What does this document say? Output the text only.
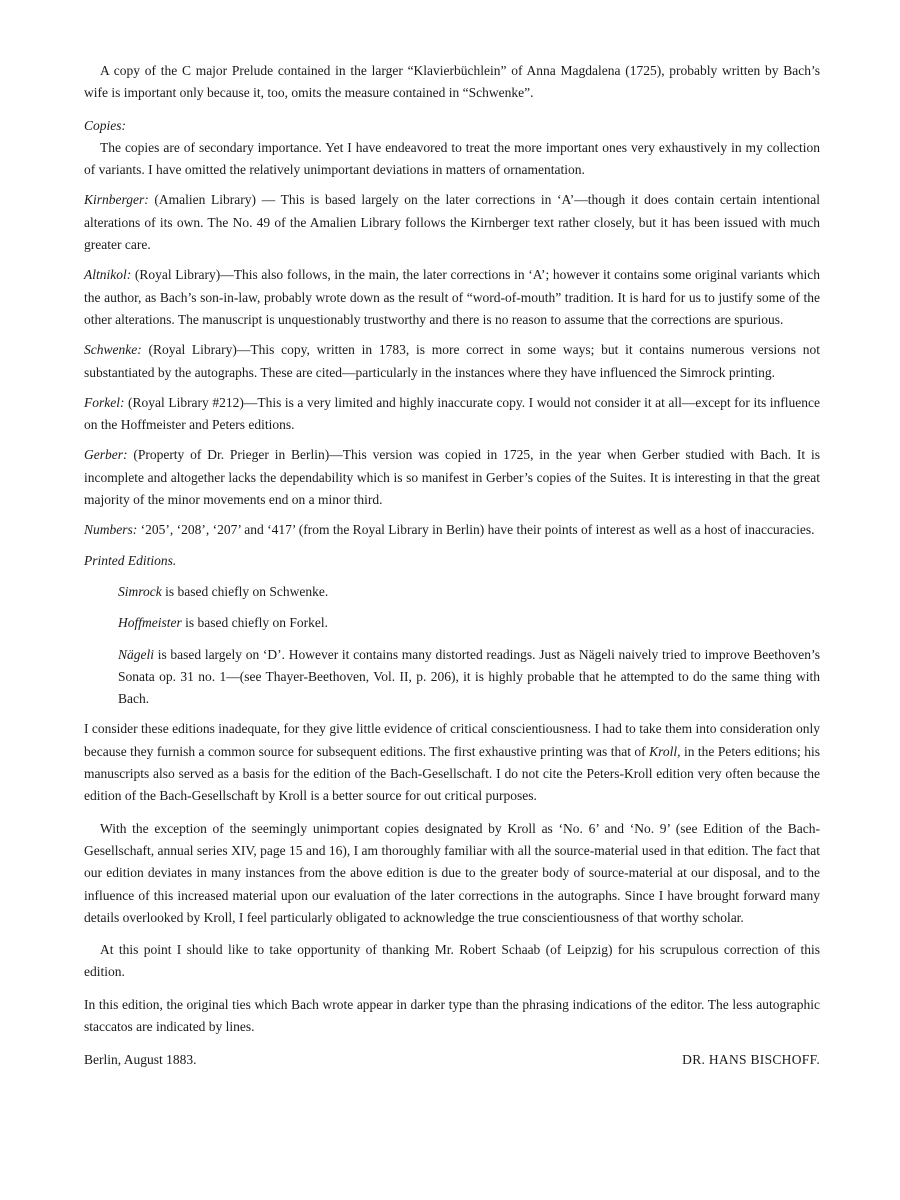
A copy of the C major Prelude contained in the larger “Klavierbüchlein” of Anna Magdalena (1725), probably written by Bach’s wife is important only because it, too, omits the measure contained in “Schwenke”.

Copies:

The copies are of secondary importance. Yet I have endeavored to treat the more important ones very exhaustively in my collection of variants. I have omitted the relatively unimportant deviations in matters of ornamentation.

Kirnberger: (Amalien Library) — This is based largely on the later corrections in ‘A’—though it does contain certain intentional alterations of its own. The No. 49 of the Amalien Library follows the Kirnberger text rather closely, but it has been issued with much greater care.

Altnikol: (Royal Library)—This also follows, in the main, the later corrections in ‘A’; however it contains some original variants which the author, as Bach’s son-in-law, probably wrote down as the result of “word-of-mouth” tradition. It is hard for us to justify some of the other alterations. The manuscript is unquestionably trustworthy and there is no reason to assume that the corrections are spurious.

Schwenke: (Royal Library)—This copy, written in 1783, is more correct in some ways; but it contains numerous versions not substantiated by the autographs. These are cited—particularly in the instances where they have influenced the Simrock printing.

Forkel: (Royal Library #212)—This is a very limited and highly inaccurate copy. I would not consider it at all—except for its influence on the Hoffmeister and Peters editions.

Gerber: (Property of Dr. Prieger in Berlin)—This version was copied in 1725, in the year when Gerber studied with Bach. It is incomplete and altogether lacks the dependability which is so manifest in Gerber’s copies of the Suites. It is interesting in that the great majority of the minor movements end on a minor third.

Numbers: ‘205’, ‘208’, ‘207’ and ‘417’ (from the Royal Library in Berlin) have their points of interest as well as a host of inaccuracies.

Printed Editions.

Simrock is based chiefly on Schwenke.

Hoffmeister is based chiefly on Forkel.

Nägeli is based largely on ‘D’. However it contains many distorted readings. Just as Nägeli naively tried to improve Beethoven’s Sonata op. 31 no. 1—(see Thayer-Beethoven, Vol. II, p. 206), it is highly probable that he attempted to do the same thing with Bach.

I consider these editions inadequate, for they give little evidence of critical conscientiousness. I had to take them into consideration only because they furnish a common source for subsequent editions. The first exhaustive printing was that of Kroll, in the Peters editions; his manuscripts also served as a basis for the edition of the Bach-Gesellschaft. I do not cite the Peters-Kroll edition very often because the edition of the Bach-Gesellschaft by Kroll is a better source for out critical purposes.

With the exception of the seemingly unimportant copies designated by Kroll as ‘No. 6’ and ‘No. 9’ (see Edition of the Bach-Gesellschaft, annual series XIV, page 15 and 16), I am thoroughly familiar with all the source-material used in that edition. The fact that our edition deviates in many instances from the above edition is due to the greater body of source-material at our disposal, and to the influence of this increased material upon our evaluation of the later corrections in the autographs. Since I have brought forward many details overlooked by Kroll, I feel particularly obligated to acknowledge the true conscientiousness of that worthy scholar.

At this point I should like to take opportunity of thanking Mr. Robert Schaab (of Leipzig) for his scrupulous correction of this edition.

In this edition, the original ties which Bach wrote appear in darker type than the phrasing indications of the editor. The less autographic staccatos are indicated by lines.

Berlin, August 1883.	DR. HANS BISCHOFF.
